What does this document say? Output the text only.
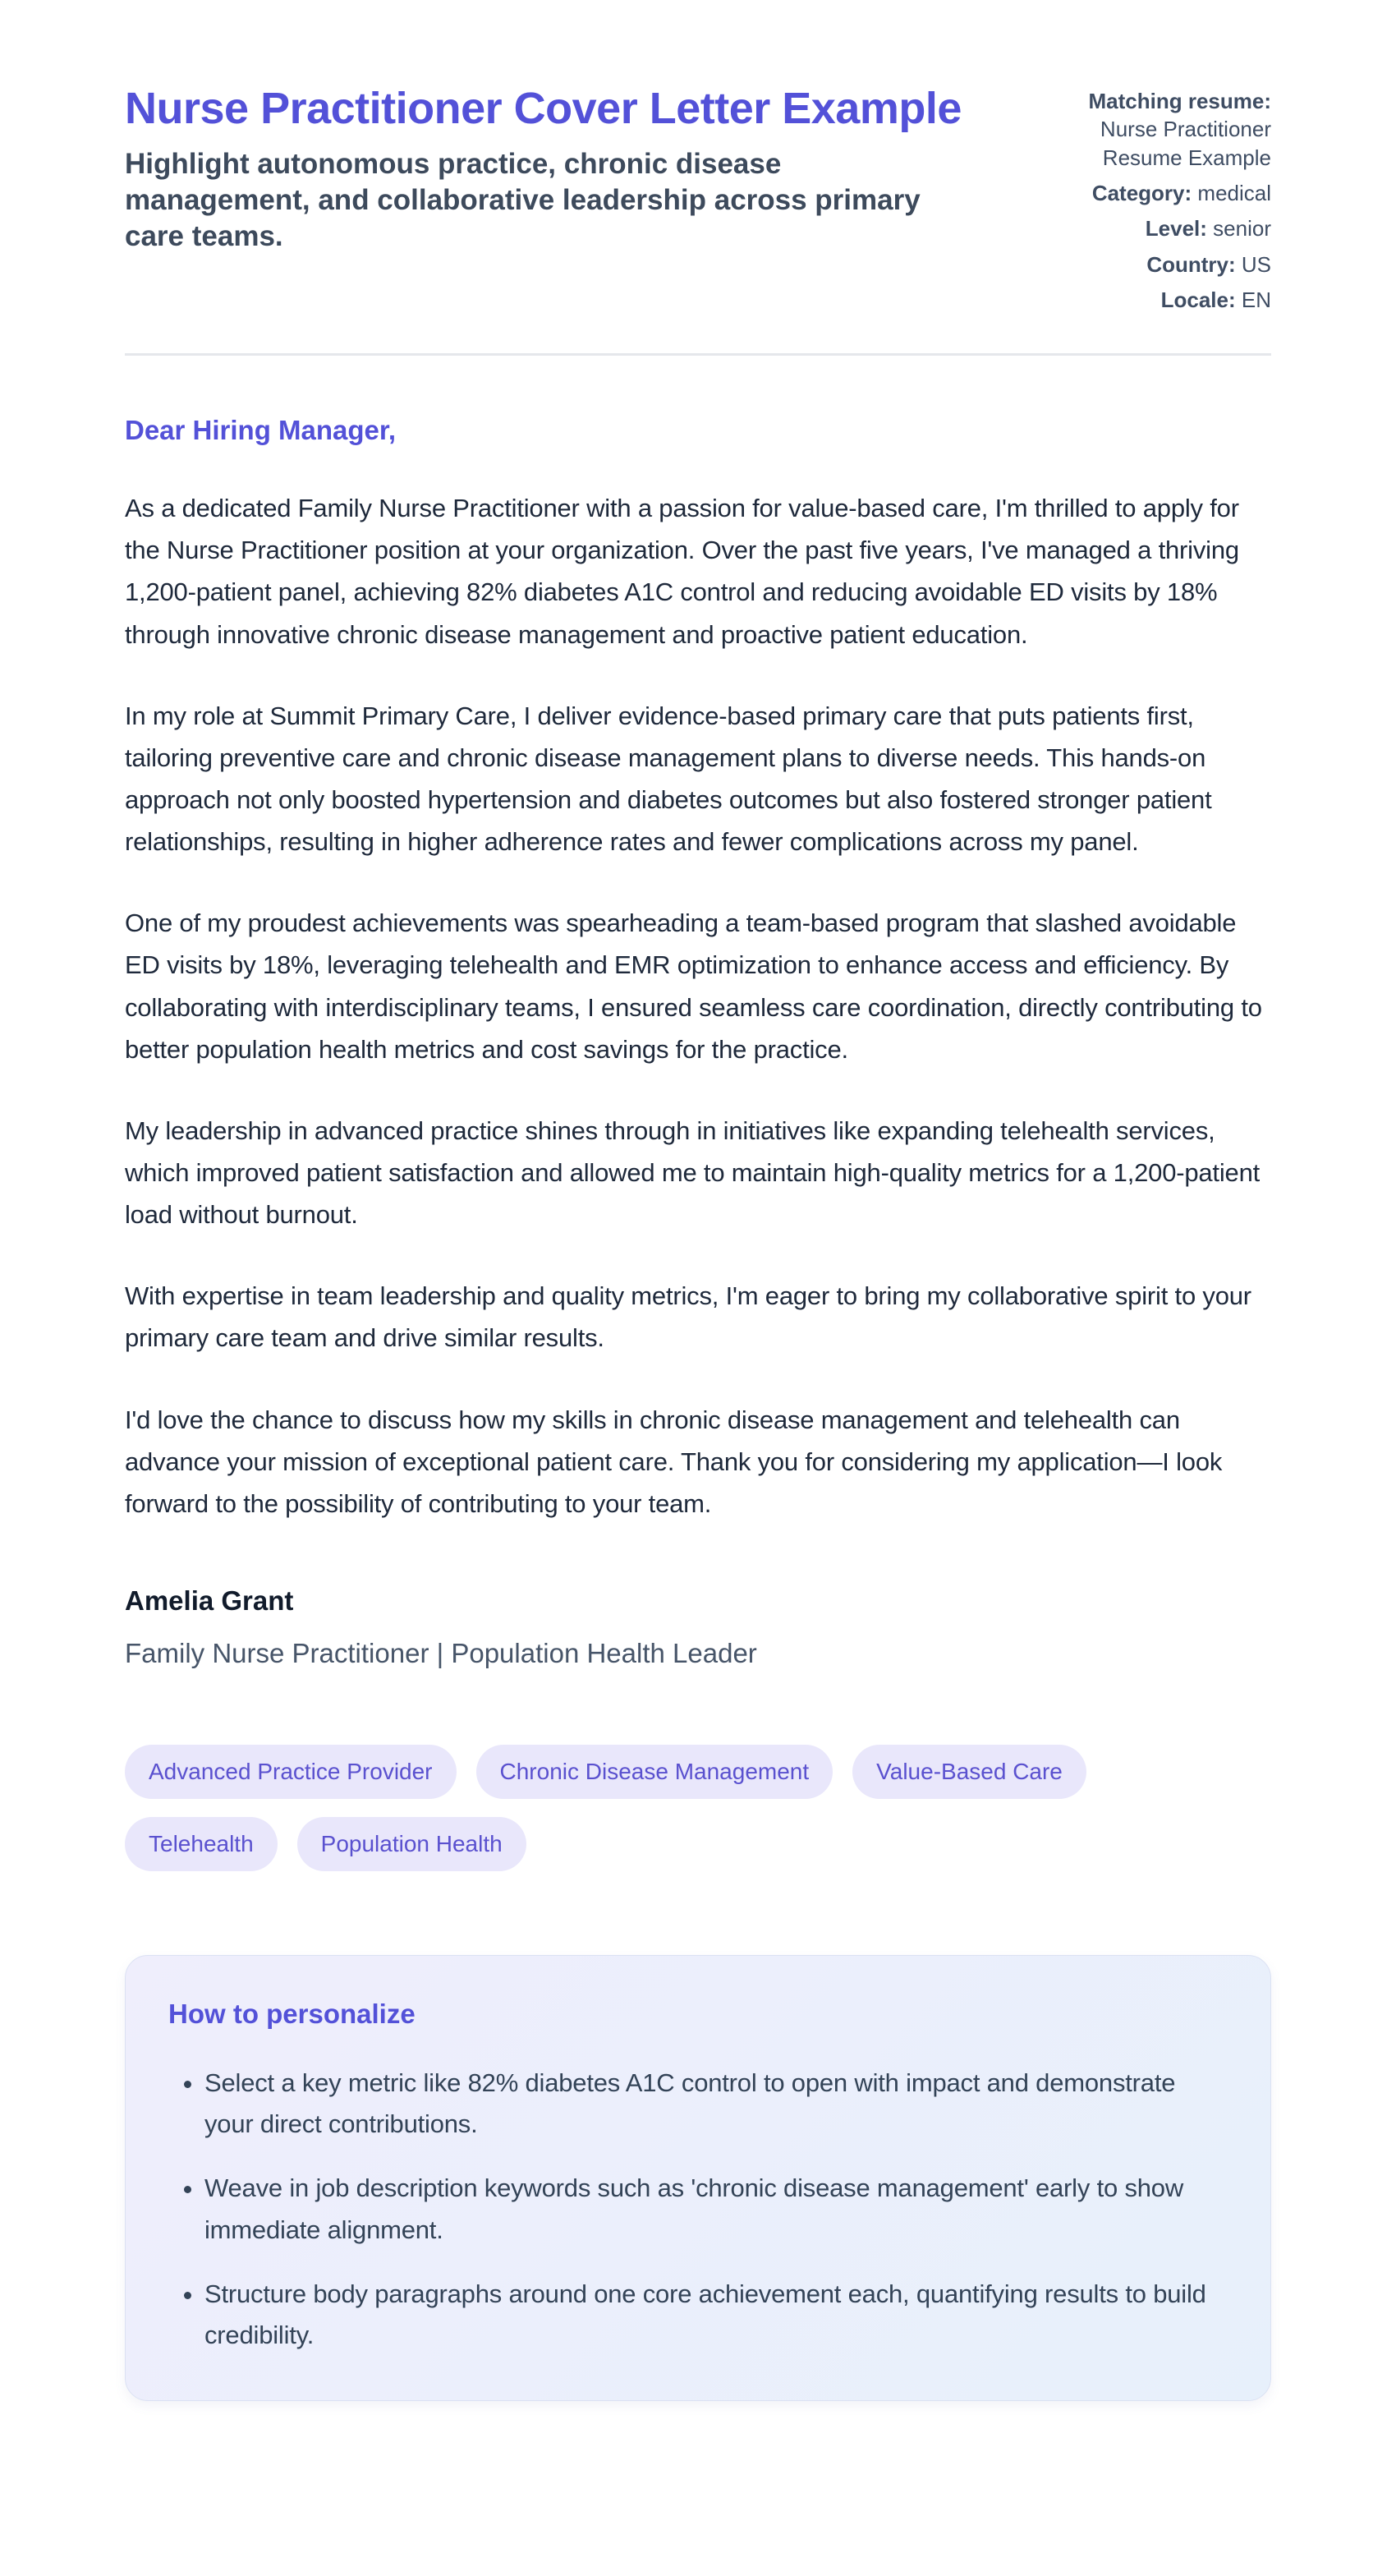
Nurse Practitioner Cover Letter Example

Highlight autonomous practice, chronic disease management, and collaborative leadership across primary care teams.

Matching resume:
Nurse Practitioner Resume Example
Category: medical
Level: senior
Country: US
Locale: EN

Dear Hiring Manager,

As a dedicated Family Nurse Practitioner with a passion for value-based care, I'm thrilled to apply for the Nurse Practitioner position at your organization. Over the past five years, I've managed a thriving 1,200-patient panel, achieving 82% diabetes A1C control and reducing avoidable ED visits by 18% through innovative chronic disease management and proactive patient education.

In my role at Summit Primary Care, I deliver evidence-based primary care that puts patients first, tailoring preventive care and chronic disease management plans to diverse needs. This hands-on approach not only boosted hypertension and diabetes outcomes but also fostered stronger patient relationships, resulting in higher adherence rates and fewer complications across my panel.

One of my proudest achievements was spearheading a team-based program that slashed avoidable ED visits by 18%, leveraging telehealth and EMR optimization to enhance access and efficiency. By collaborating with interdisciplinary teams, I ensured seamless care coordination, directly contributing to better population health metrics and cost savings for the practice.

My leadership in advanced practice shines through in initiatives like expanding telehealth services, which improved patient satisfaction and allowed me to maintain high-quality metrics for a 1,200-patient load without burnout.

With expertise in team leadership and quality metrics, I'm eager to bring my collaborative spirit to your primary care team and drive similar results.

I'd love the chance to discuss how my skills in chronic disease management and telehealth can advance your mission of exceptional patient care. Thank you for considering my application—I look forward to the possibility of contributing to your team.

Amelia Grant

Family Nurse Practitioner | Population Health Leader

Advanced Practice Provider	Chronic Disease Management	Value-Based Care
Telehealth	Population Health
How to personalize
• Select a key metric like 82% diabetes A1C control to open with impact and demonstrate your direct contributions.
• Weave in job description keywords such as 'chronic disease management' early to show immediate alignment.
• Structure body paragraphs around one core achievement each, quantifying results to build credibility.
